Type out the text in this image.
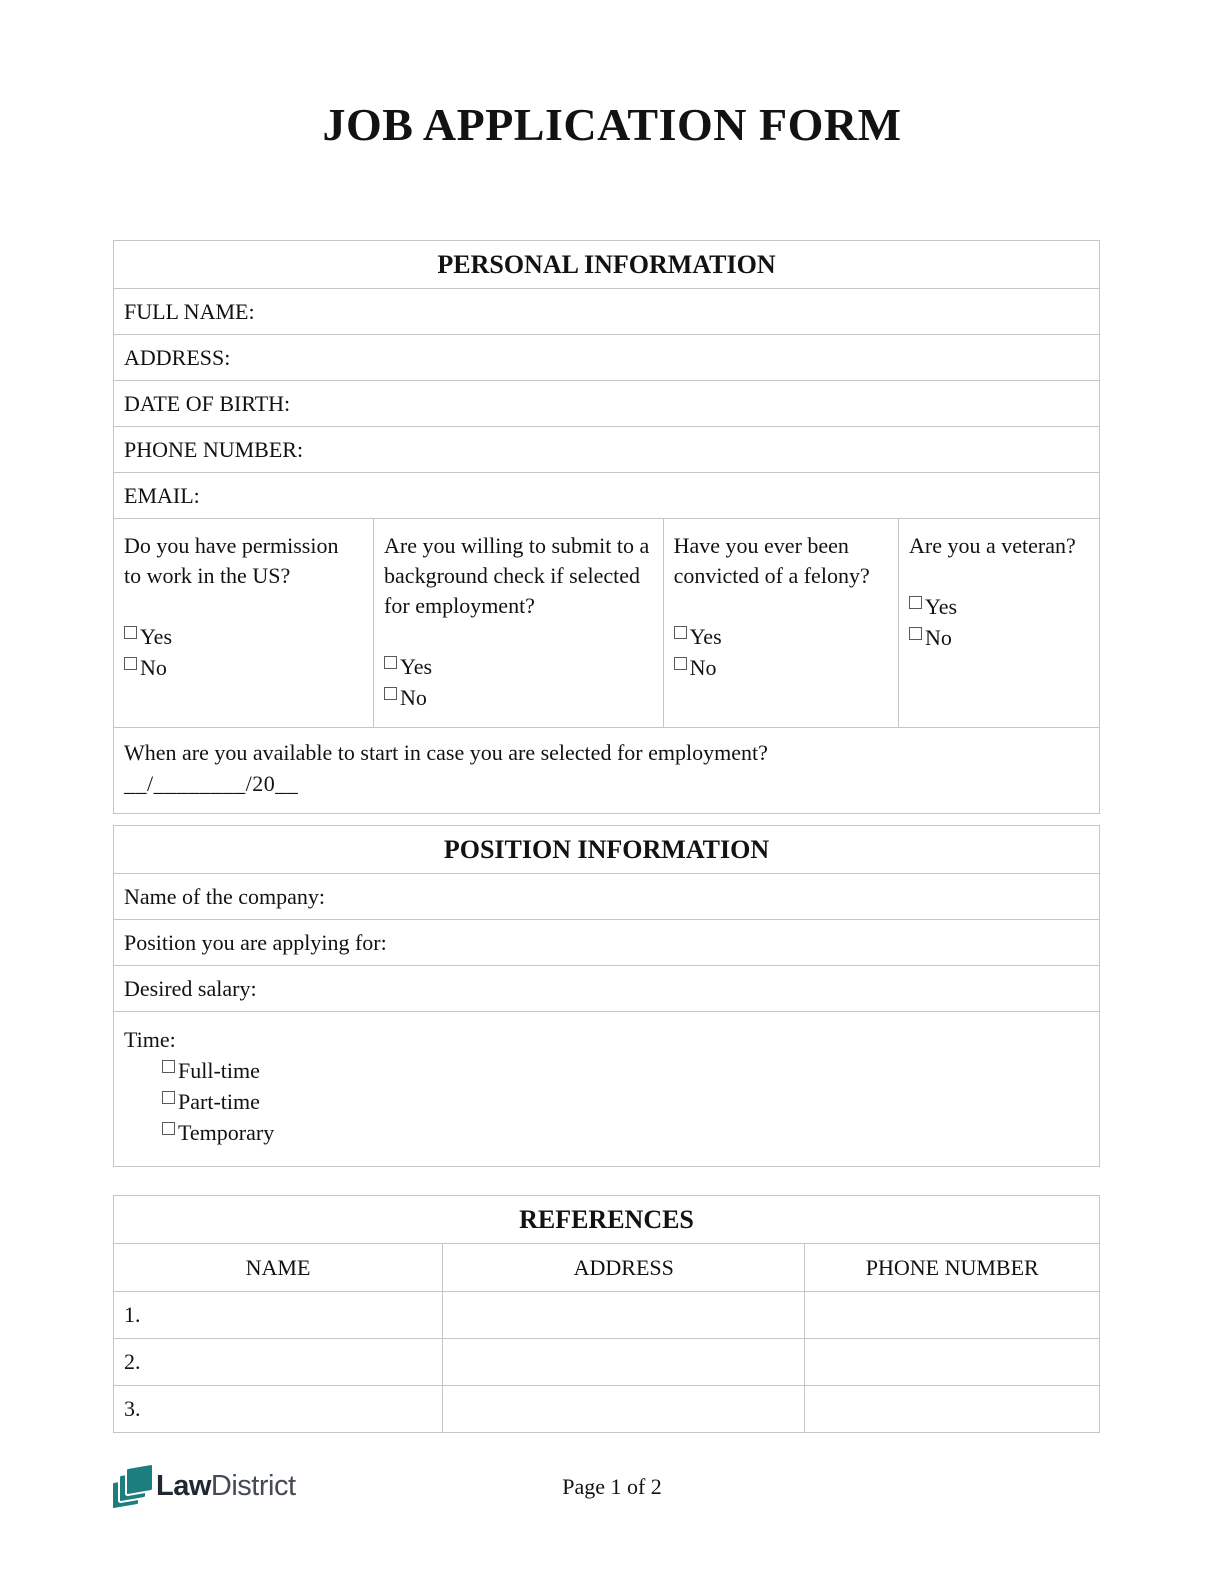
JOB APPLICATION FORM
PERSONAL INFORMATION
FULL NAME:
ADDRESS:
DATE OF BIRTH:
PHONE NUMBER:
EMAIL:
Do you have permission to work in the US?
Yes
No
Are you willing to submit to a background check if selected for employment?
Yes
No
Have you ever been convicted of a felony?
Yes
No
Are you a veteran?
Yes
No
When are you available to start in case you are selected for employment?
__/________/20__
POSITION INFORMATION
Name of the company:
Position you are applying for:
Desired salary:
Time:
Full-time
Part-time
Temporary
REFERENCES
NAME	ADDRESS	PHONE NUMBER
1.
2.
3.
LawDistrict	Page 1 of 2
